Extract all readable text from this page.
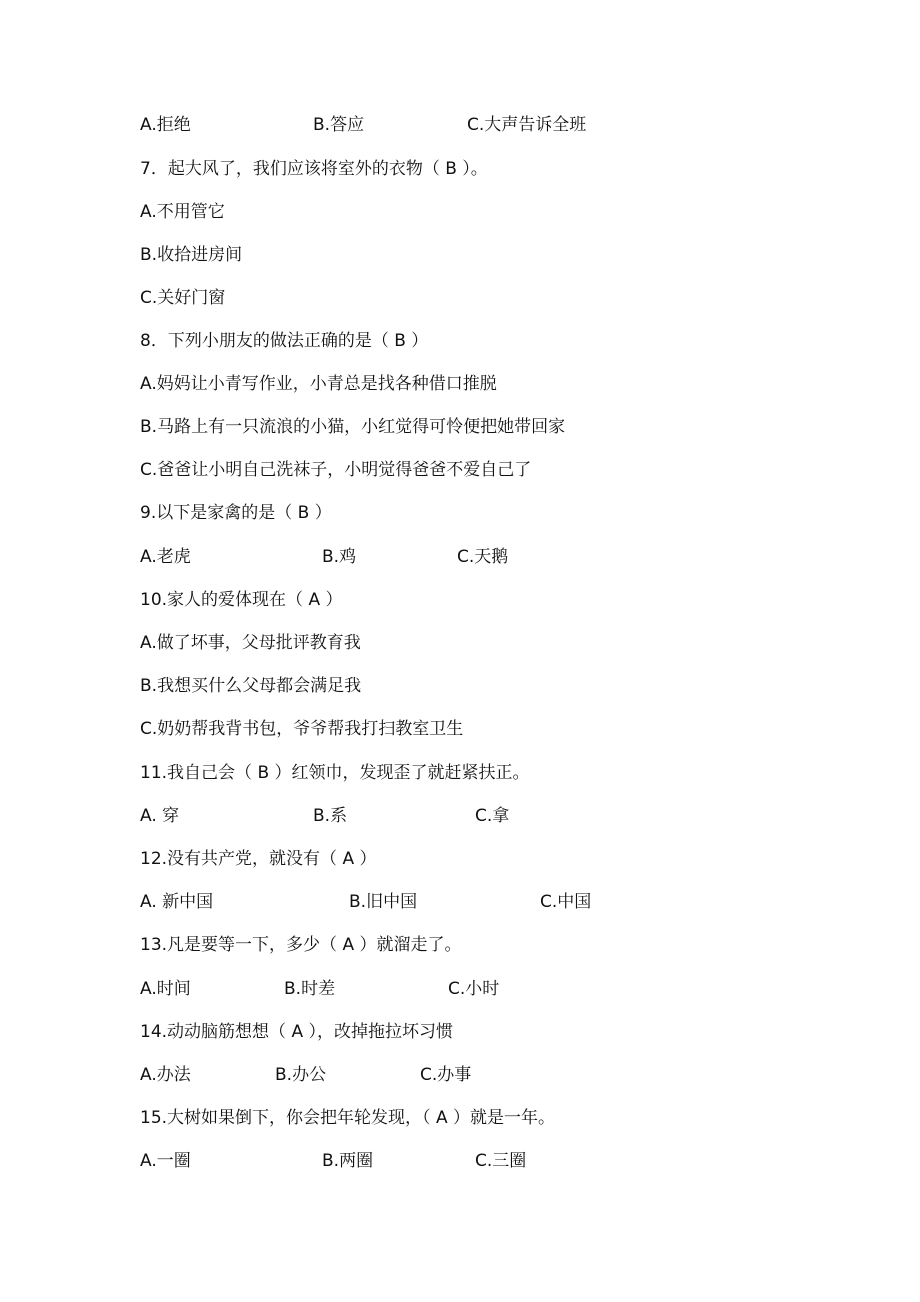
A.拒绝	B.答应	C.大声告诉全班
7．起大风了，我们应该将室外的衣物（ B ）。
A.不用管它
B.收拾进房间
C.关好门窗
8．下列小朋友的做法正确的是（ B ）
A.妈妈让小青写作业，小青总是找各种借口推脱
B.马路上有一只流浪的小猫，小红觉得可怜便把她带回家
C.爸爸让小明自己洗袜子，小明觉得爸爸不爱自己了
9.以下是家禽的是（ B ）
A.老虎	B.鸡	C.天鹅
10.家人的爱体现在（ A ）
A.做了坏事，父母批评教育我
B.我想买什么父母都会满足我
C.奶奶帮我背书包，爷爷帮我打扫教室卫生
11.我自己会（ B ）红领巾，发现歪了就赶紧扶正。
A. 穿	B.系	C.拿
12.没有共产党，就没有（ A ）
A. 新中国	B.旧中国	C.中国
13.凡是要等一下，多少（ A ）就溜走了。
A.时间	B.时差	C.小时
14.动动脑筋想想（ A ），改掉拖拉坏习惯
A.办法	B.办公	C.办事
15.大树如果倒下，你会把年轮发现，（ A ）就是一年。
A.一圈	B.两圈	C.三圈
